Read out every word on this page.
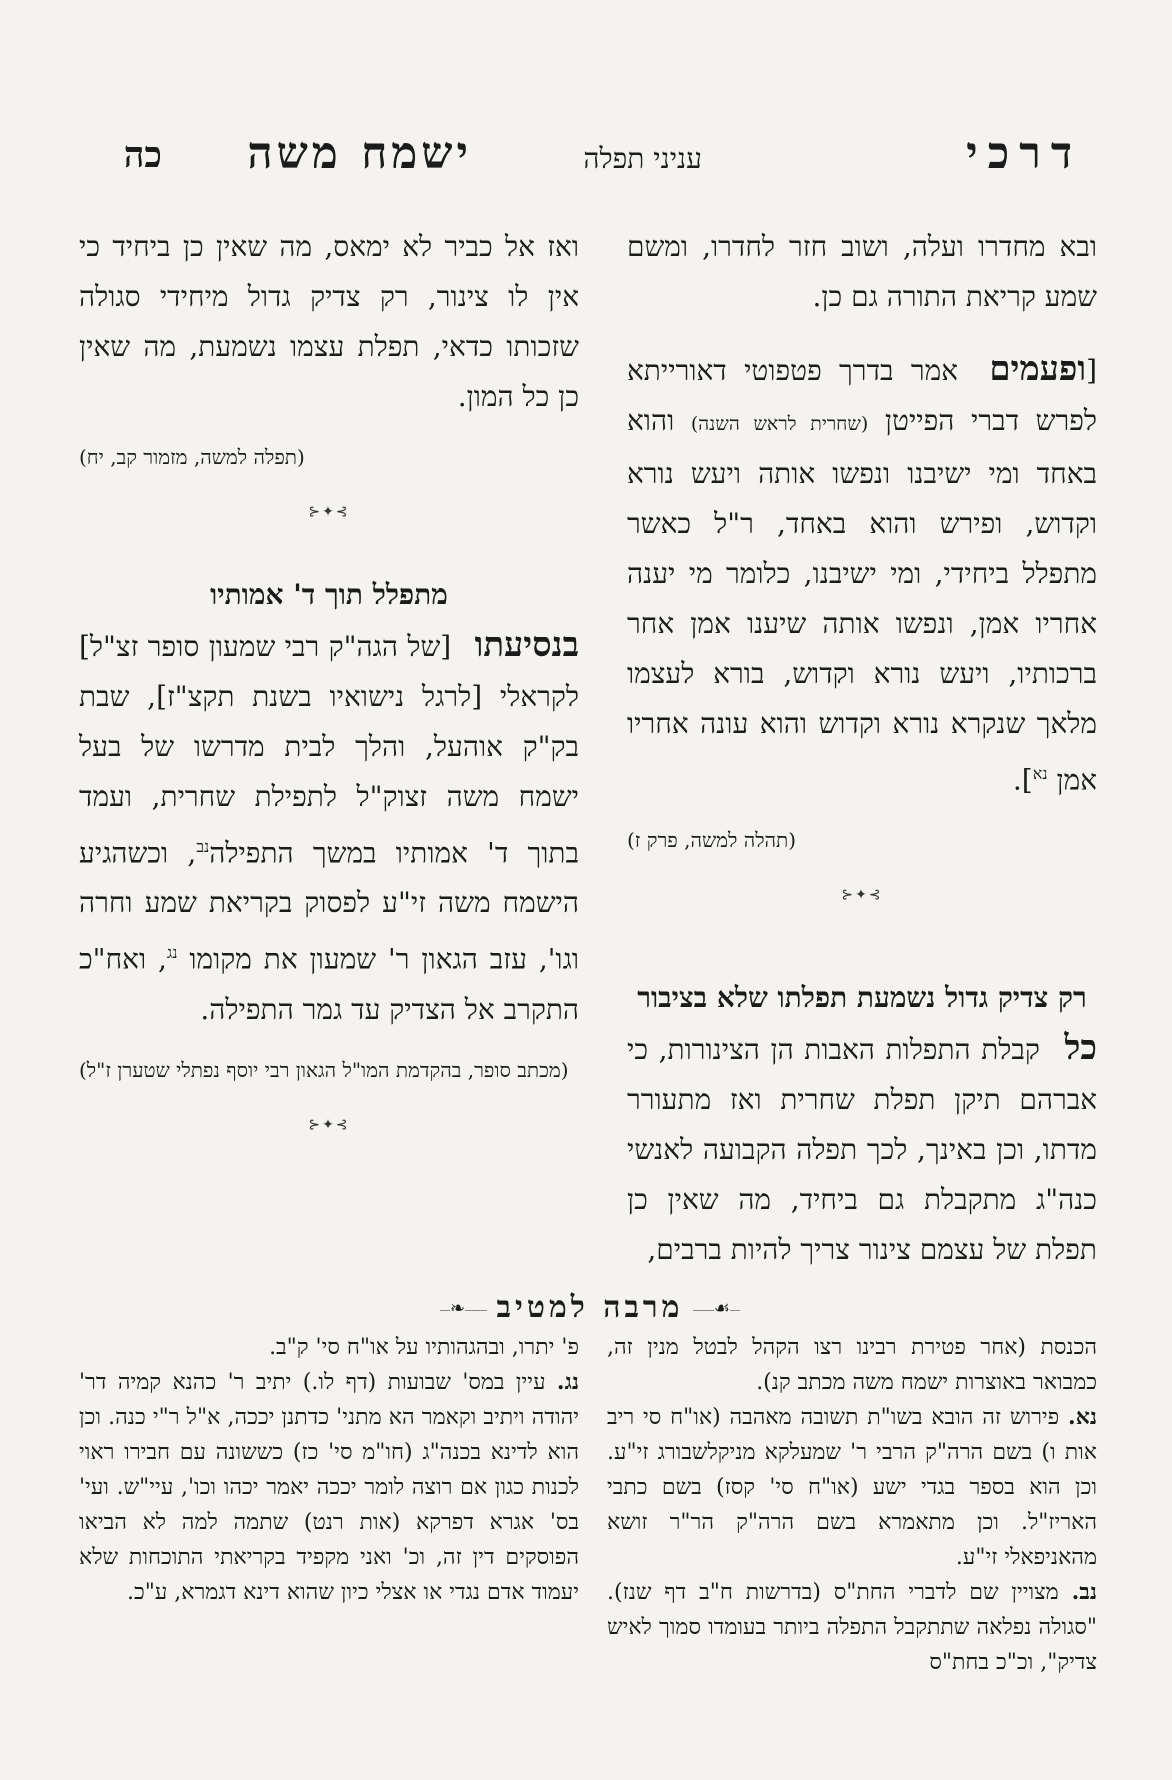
דרכי
עניני תפלה
ישמח משה
כה

ובא מחדרו ועלה, ושוב חזר לחדרו, ומשם שמע קריאת התורה גם כן.

[ופעמים אמר בדרך פטפוטי דאורייתא לפרש דברי הפייטן (שחרית לראש השנה) והוא באחד ומי ישיבנו ונפשו אותה ויעש נורא וקדוש, ופירש והוא באחד, ר"ל כאשר מתפלל ביחידי, ומי ישיבנו, כלומר מי יענה אחריו אמן, ונפשו אותה שיענו אמן אחר ברכותיו, ויעש נורא וקדוש, בורא לעצמו מלאך שנקרא נורא וקדוש והוא עונה אחריו אמן $^{נא}$].

(תהלה למשה, פרק ז)

⊱✦⊰

רק צדיק גדול נשמעת תפלתו שלא בציבור

כל קבלת התפלות האבות הן הצינורות, כי אברהם תיקן תפלת שחרית ואז מתעורר מדתו, וכן באינך, לכך תפלה הקבועה לאנשי כנה"ג מתקבלת גם ביחיד, מה שאין כן תפלת של עצמם צינור צריך להיות ברבים,

ואז אל כביר לא ימאס, מה שאין כן ביחיד כי אין לו צינור, רק צדיק גדול מיחידי סגולה שזכותו כדאי, תפלת עצמו נשמעת, מה שאין כן כל המון.

(תפלה למשה, מזמור קב, יח)

⊱✦⊰

מתפלל תוך ד' אמותיו

בנסיעתו [של הגה"ק רבי שמעון סופר זצ"ל] לקראלי [לרגל נישואיו בשנת תקצ"ז], שבת בק"ק אוהעל, והלך לבית מדרשו של בעל ישמח משה זצוק"ל לתפילת שחרית, ועמד בתוך ד' אמותיו במשך התפילה$^{נב}$, וכשהגיע הישמח משה זי"ע לפסוק בקריאת שמע וחרה וגו', עזב הגאון ר' שמעון את מקומו $^{נג}$, ואח"כ התקרב אל הצדיק עד גמר התפילה.

(מכתב סופר, בהקדמת המו"ל הגאון רבי יוסף נפתלי שטערן ז"ל)

⊱✦⊰
❧ מרבה למטיב ☙

הכנסת (אחר פטירת רבינו רצו הקהל לבטל מנין זה, כמבואר באוצרות ישמח משה מכתב קנ).

נא. פירוש זה הובא בשו"ת תשובה מאהבה (או"ח סי ריב אות ו) בשם הרה"ק הרבי ר' שמעלקא מניקלשבורג זי"ע. וכן הוא בספר בגדי ישע (או"ח סי' קסז) בשם כתבי האריז"ל. וכן מתאמרא בשם הרה"ק הר"ר זושא מהאניפאלי זי"ע.

נב. מצויין שם לדברי החת"ס (בדרשות ח"ב דף שנז). "סגולה נפלאה שתתקבל התפלה ביותר בעומדו סמוך לאיש צדיק", וכ"כ בחת"ס

פ' יתרו, ובהגהותיו על או"ח סי' ק"ב.

נג. עיין במס' שבועות (דף לו.) יתיב ר' כהנא קמיה דר' יהודה ויתיב וקאמר הא מתני' כדתנן יככה, א"ל ר"י כנה. וכן הוא לדינא בכנה"ג (חו"מ סי' כז) כששונה עם חבירו ראוי לכנות כגון אם רוצה לומר יככה יאמר יכהו וכו', עיי"ש. ועי' בס' אגרא דפרקא (אות רנט) שתמה למה לא הביאו הפוסקים דין זה, וכ' ואני מקפיד בקריאתי התוכחות שלא יעמוד אדם נגדי או אצלי כיון שהוא דינא דגמרא, ע"כ.
